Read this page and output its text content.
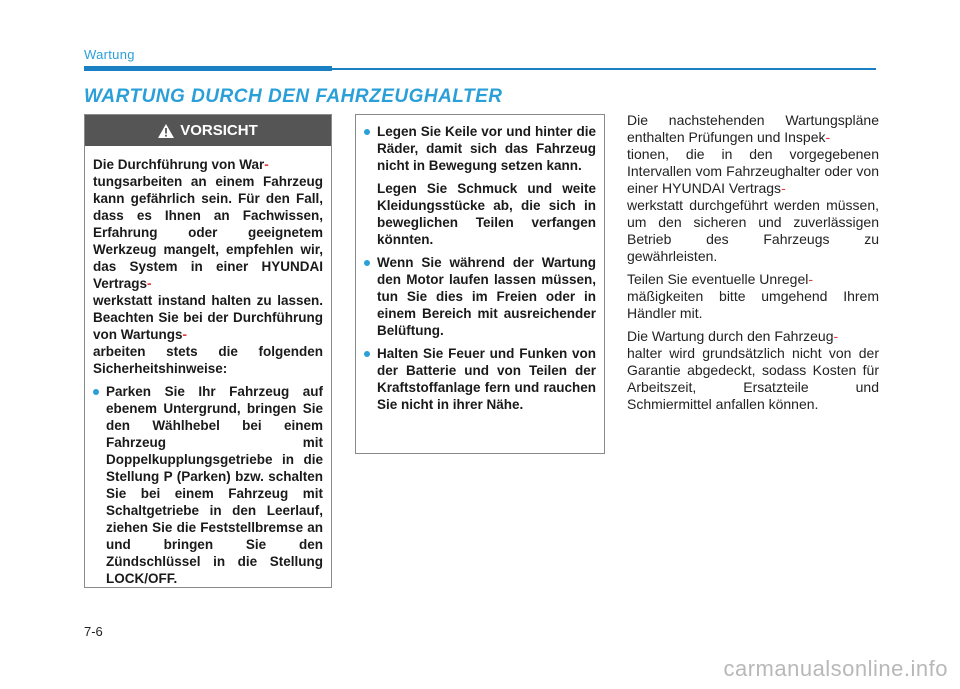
Wartung
WARTUNG DURCH DEN FAHRZEUGHALTER
VORSICHT

Die Durchführung von War-
tungsarbeiten an einem Fahrzeug kann gefährlich sein. Für den Fall, dass es Ihnen an Fachwissen, Erfahrung oder geeignetem Werkzeug mangelt, empfehlen wir, das System in einer HYUNDAI Vertrags-
werkstatt instand halten zu lassen. Beachten Sie bei der Durchführung von Wartungs-
arbeiten stets die folgenden Sicherheitshinweise:

Parken Sie Ihr Fahrzeug auf ebenem Untergrund, bringen Sie den Wählhebel bei einem Fahrzeug mit Doppelkupplungsgetriebe in die Stellung P (Parken) bzw. schalten Sie bei einem Fahrzeug mit Schaltgetriebe in den Leerlauf, ziehen Sie die Feststellbremse an und bringen Sie den Zündschlüssel in die Stellung LOCK/OFF.
Legen Sie Keile vor und hinter die Räder, damit sich das Fahrzeug nicht in Bewegung setzen kann.

Legen Sie Schmuck und weite Kleidungsstücke ab, die sich in beweglichen Teilen verfangen könnten.

Wenn Sie während der Wartung den Motor laufen lassen müssen, tun Sie dies im Freien oder in einem Bereich mit ausreichender Belüftung.
Halten Sie Feuer und Funken von der Batterie und von Teilen der Kraftstoffanlage fern und rauchen Sie nicht in ihrer Nähe.

Die nachstehenden Wartungspläne enthalten Prüfungen und Inspek-
tionen, die in den vorgegebenen Intervallen vom Fahrzeughalter oder von einer HYUNDAI Vertrags-
werkstatt durchgeführt werden müssen, um den sicheren und zuverlässigen Betrieb des Fahrzeugs zu gewährleisten.

Teilen Sie eventuelle Unregel-
mäßigkeiten bitte umgehend Ihrem Händler mit.

Die Wartung durch den Fahrzeug-
halter wird grundsätzlich nicht von der Garantie abgedeckt, sodass Kosten für Arbeitszeit, Ersatzteile und Schmiermittel anfallen können.

7-6
carmanualsonline.info
